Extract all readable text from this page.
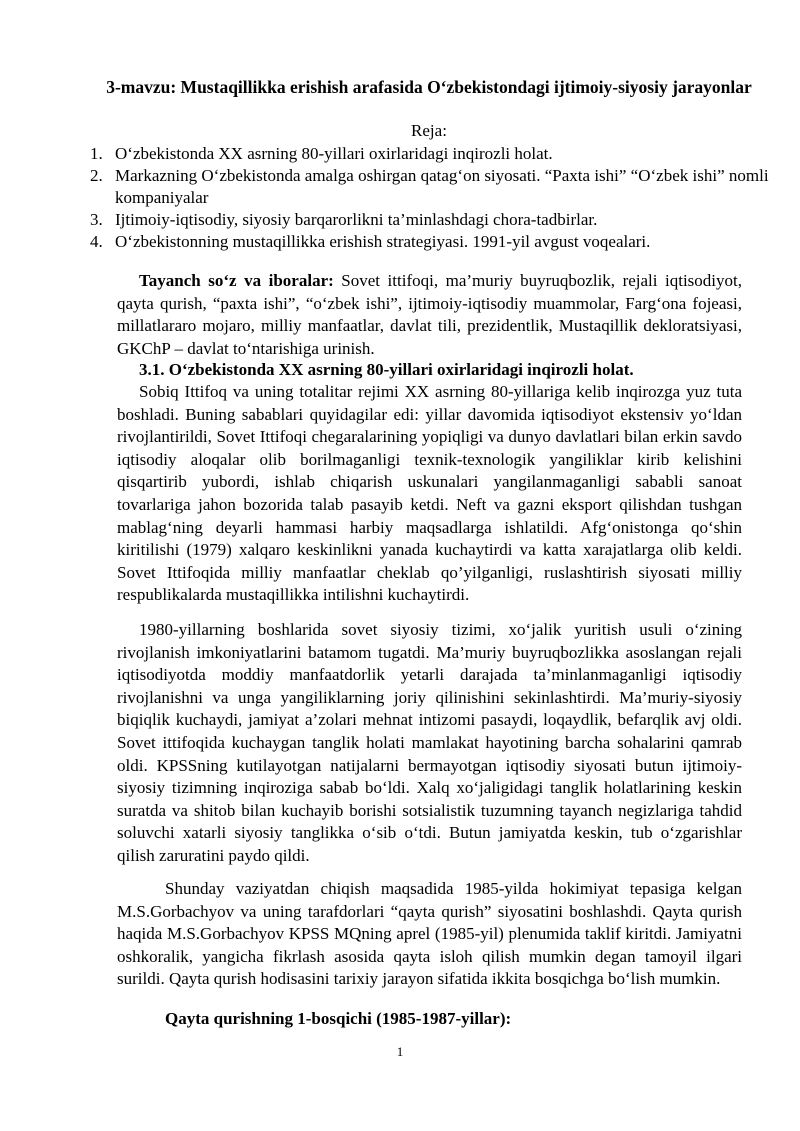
3-mavzu: Mustaqillikka erishish arafasida O‘zbekistondagi ijtimoiy-siyosiy jarayonlar
Reja:
1. O‘zbekistonda XX asrning 80-yillari oxirlaridagi inqirozli holat.
2. Markazning O‘zbekistonda amalga oshirgan qatag‘on siyosati. “Paxta ishi” “O‘zbek ishi” nomli kompaniyalar
3. Ijtimoiy-iqtisodiy, siyosiy barqarorlikni ta’minlashdagi chora-tadbirlar.
4. O‘zbekistonning mustaqillikka erishish strategiyasi. 1991-yil avgust voqealari.

Tayanch so‘z va iboralar: Sovet ittifoqi, ma’muriy buyruqbozlik, rejali iqtisodiyot, qayta qurish, “paxta ishi”, “o‘zbek ishi”, ijtimoiy-iqtisodiy muammolar, Farg‘ona fojeasi, millatlararo mojaro, milliy manfaatlar, davlat tili, prezidentlik, Mustaqillik dekloratsiyasi, GKChP – davlat to‘ntarishiga urinish.

3.1. O‘zbekistonda XX asrning 80-yillari oxirlaridagi inqirozli holat.

Sobiq Ittifoq va uning totalitar rejimi XX asrning 80-yillariga kelib inqirozga yuz tuta boshladi. Buning sabablari quyidagilar edi: yillar davomida iqtisodiyot ekstensiv yo‘ldan rivojlantirildi, Sovet Ittifoqi chegaralarining yopiqligi va dunyo davlatlari bilan erkin savdo iqtisodiy aloqalar olib borilmaganligi texnik-texnologik yangiliklar kirib kelishini qisqartirib yubordi, ishlab chiqarish uskunalari yangilanmaganligi sababli sanoat tovarlariga jahon bozorida talab pasayib ketdi. Neft va gazni eksport qilishdan tushgan mablag‘ning deyarli hammasi harbiy maqsadlarga ishlatildi. Afg‘onistonga qo‘shin kiritilishi (1979) xalqaro keskinlikni yanada kuchaytirdi va katta xarajatlarga olib keldi. Sovet Ittifoqida milliy manfaatlar cheklab qo’yilganligi, ruslashtirish siyosati milliy respublikalarda mustaqillikka intilishni kuchaytirdi.

1980-yillarning boshlarida sovet siyosiy tizimi, xo‘jalik yuritish usuli o‘zining rivojlanish imkoniyatlarini batamom tugatdi. Ma’muriy buyruqbozlikka asoslangan rejali iqtisodiyotda moddiy manfaatdorlik yetarli darajada ta’minlanmaganligi iqtisodiy rivojlanishni va unga yangiliklarning joriy qilinishini sekinlashtirdi. Ma’muriy-siyosiy biqiqlik kuchaydi, jamiyat a’zolari mehnat intizomi pasaydi, loqaydlik, befarqlik avj oldi. Sovet ittifoqida kuchaygan tanglik holati mamlakat hayotining barcha sohalarini qamrab oldi. KPSSning kutilayotgan natijalarni bermayotgan iqtisodiy siyosati butun ijtimoiy-siyosiy tizimning inqiroziga sabab bo‘ldi. Xalq xo‘jaligidagi tanglik holatlarining keskin suratda va shitob bilan kuchayib borishi sotsialistik tuzumning tayanch negizlariga tahdid soluvchi xatarli siyosiy tanglikka o‘sib o‘tdi. Butun jamiyatda keskin, tub o‘zgarishlar qilish zaruratini paydo qildi.

Shunday vaziyatdan chiqish maqsadida 1985-yilda hokimiyat tepasiga kelgan M.S.Gorbachyov va uning tarafdorlari “qayta qurish” siyosatini boshlashdi. Qayta qurish haqida M.S.Gorbachyov KPSS MQning aprel (1985-yil) plenumida taklif kiritdi. Jamiyatni oshkoralik, yangicha fikrlash asosida qayta isloh qilish mumkin degan tamoyil ilgari surildi. Qayta qurish hodisasini tarixiy jarayon sifatida ikkita bosqichga bo‘lish mumkin.

Qayta qurishning 1-bosqichi (1985-1987-yillar):

1
